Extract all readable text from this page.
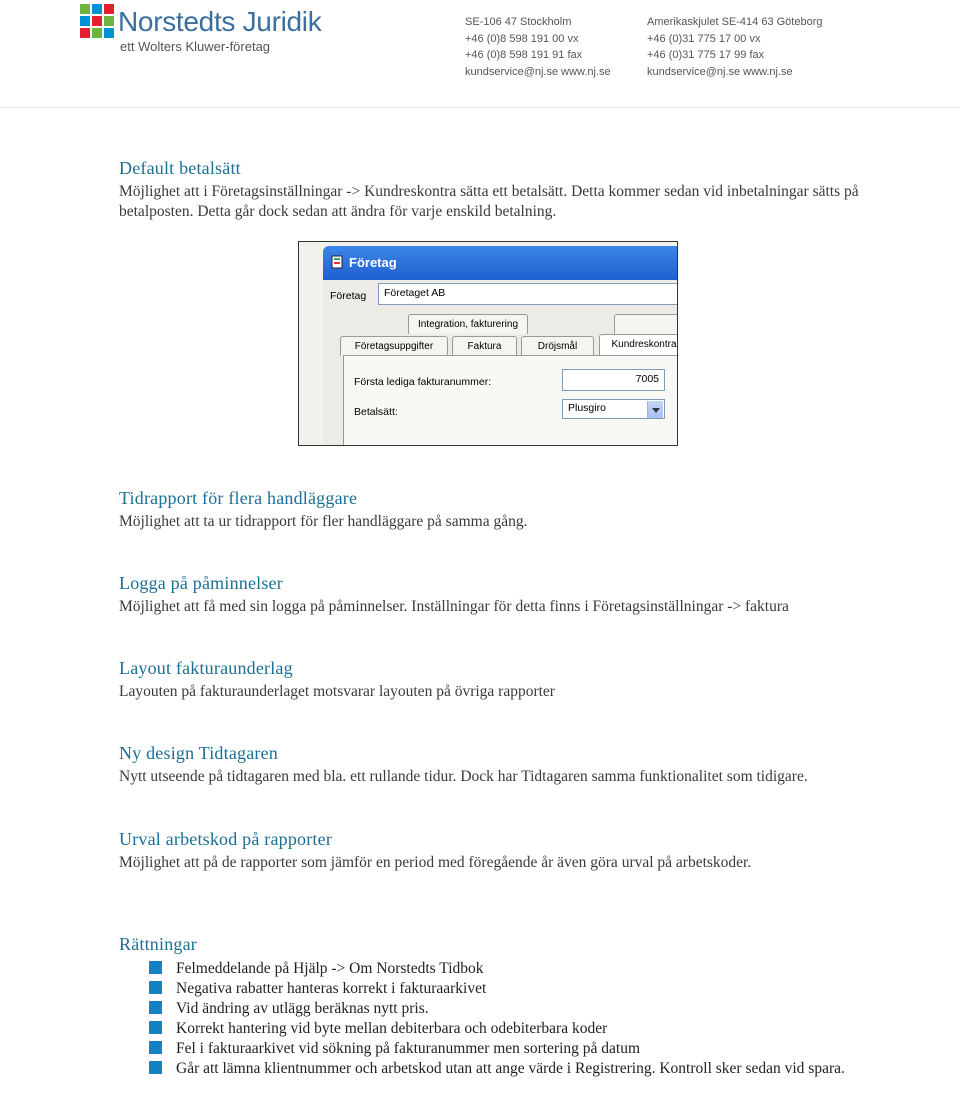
Norstedts Juridik
ett Wolters Kluwer-företag
SE-106 47 Stockholm
+46 (0)8 598 191 00 vx
+46 (0)8 598 191 91 fax
kundservice@nj.se www.nj.se
Amerikaskjulet SE-414 63 Göteborg
+46 (0)31 775 17 00 vx
+46 (0)31 775 17 99 fax
kundservice@nj.se www.nj.se
Default betalsätt

Möjlighet att i Företagsinställningar -> Kundreskontra sätta ett betalsätt. Detta kommer sedan vid inbetalningar sätts på betalposten. Detta går dock sedan att ändra för varje enskild betalning.

Företag
Företag	Företaget AB
Integration, fakturering
Företagsuppgifter	Faktura	Dröjsmål	Kundreskontra
Första lediga fakturanummer:	7005
Betalsätt:	Plusgiro
Tidrapport för flera handläggare

Möjlighet att ta ur tidrapport för fler handläggare på samma gång.

Logga på påminnelser

Möjlighet att få med sin logga på påminnelser. Inställningar för detta finns i Företagsinställningar -> faktura

Layout fakturaunderlag

Layouten på fakturaunderlaget motsvarar layouten på övriga rapporter

Ny design Tidtagaren

Nytt utseende på tidtagaren med bla. ett rullande tidur. Dock har Tidtagaren samma funktionalitet som tidigare.

Urval arbetskod på rapporter

Möjlighet att på de rapporter som jämför en period med föregående år även göra urval på arbetskoder.

Rättningar
Felmeddelande på Hjälp -> Om Norstedts Tidbok
Negativa rabatter hanteras korrekt i fakturaarkivet
Vid ändring av utlägg beräknas nytt pris.
Korrekt hantering vid byte mellan debiterbara och odebiterbara koder
Fel i fakturaarkivet vid sökning på fakturanummer men sortering på datum
Går att lämna klientnummer och arbetskod utan att ange värde i Registrering. Kontroll sker sedan vid spara.
